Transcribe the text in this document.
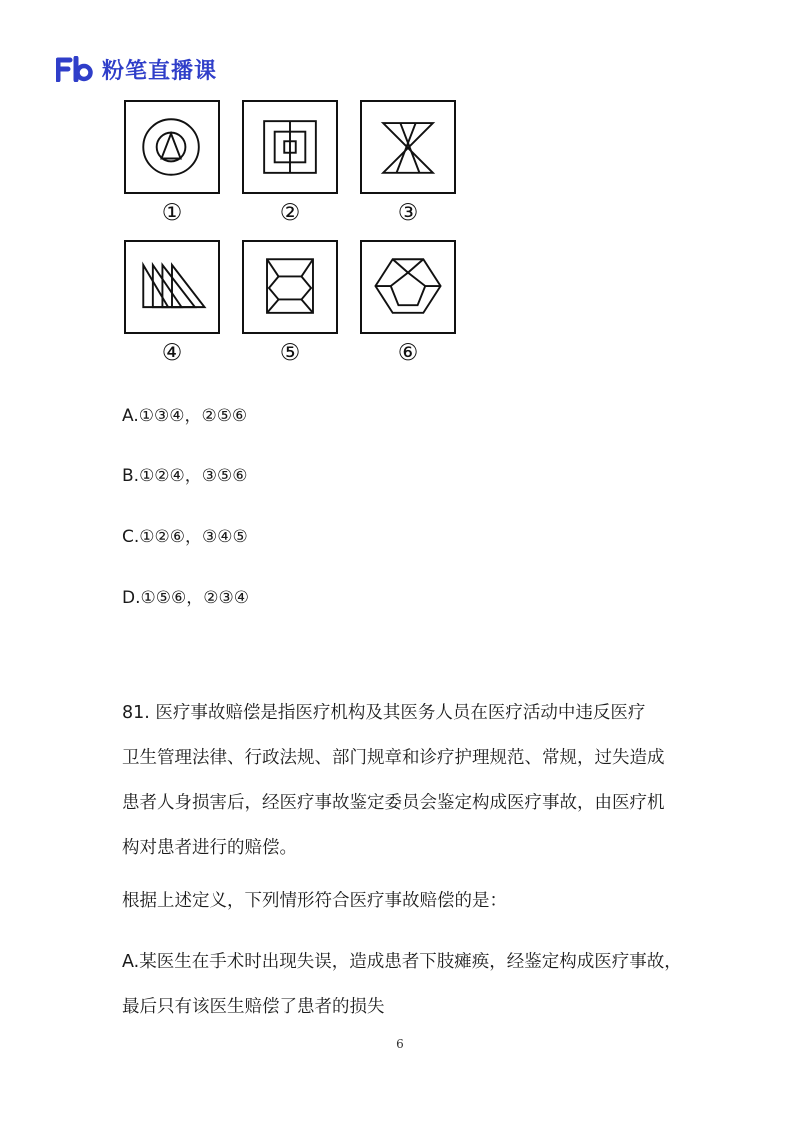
粉笔直播课
①	②	③
④	⑤	⑥
A.①③④，②⑤⑥
B.①②④，③⑤⑥
C.①②⑥，③④⑤
D.①⑤⑥，②③④
81. 医疗事故赔偿是指医疗机构及其医务人员在医疗活动中违反医疗
卫生管理法律、行政法规、部门规章和诊疗护理规范、常规，过失造成
患者人身损害后，经医疗事故鉴定委员会鉴定构成医疗事故，由医疗机
构对患者进行的赔偿。
根据上述定义，下列情形符合医疗事故赔偿的是：
A.某医生在手术时出现失误，造成患者下肢瘫痪，经鉴定构成医疗事故，
最后只有该医生赔偿了患者的损失
6
